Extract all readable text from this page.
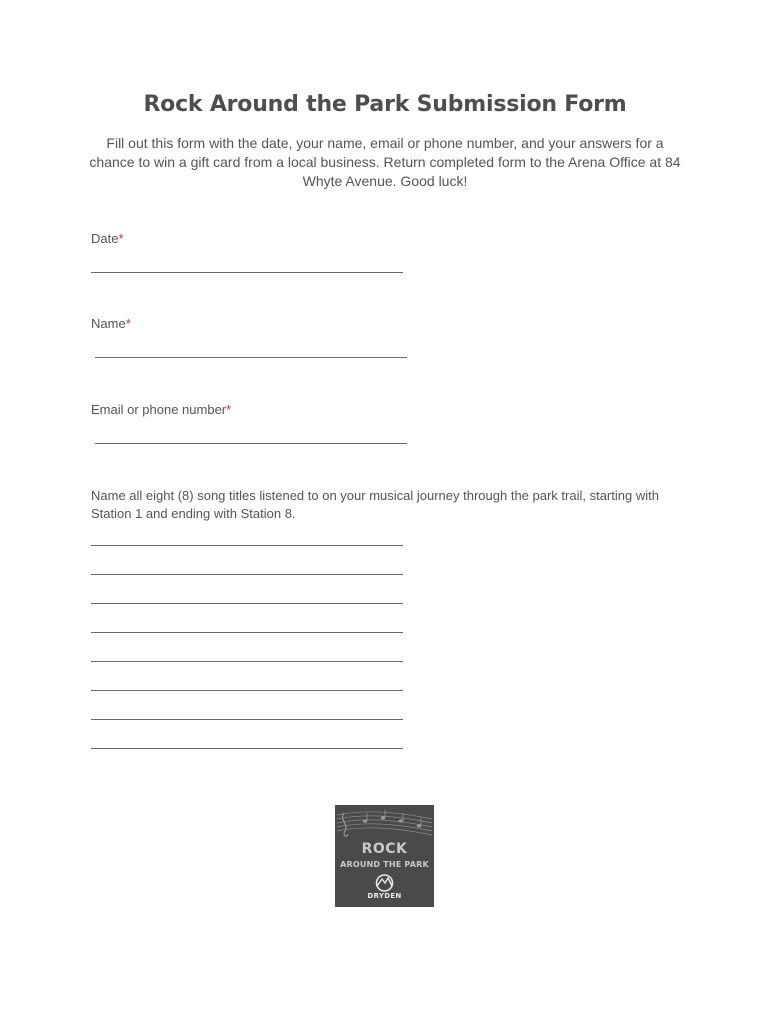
Rock Around the Park Submission Form
Fill out this form with the date, your name, email or phone number, and your answers for a chance to win a gift card from a local business. Return completed form to the Arena Office at 84 Whyte Avenue. Good luck!
Date*
Name*
Email or phone number*
Name all eight (8) song titles listened to on your musical journey through the park trail, starting with Station 1 and ending with Station 8.
ROCK
AROUND THE PARK
DRYDEN
